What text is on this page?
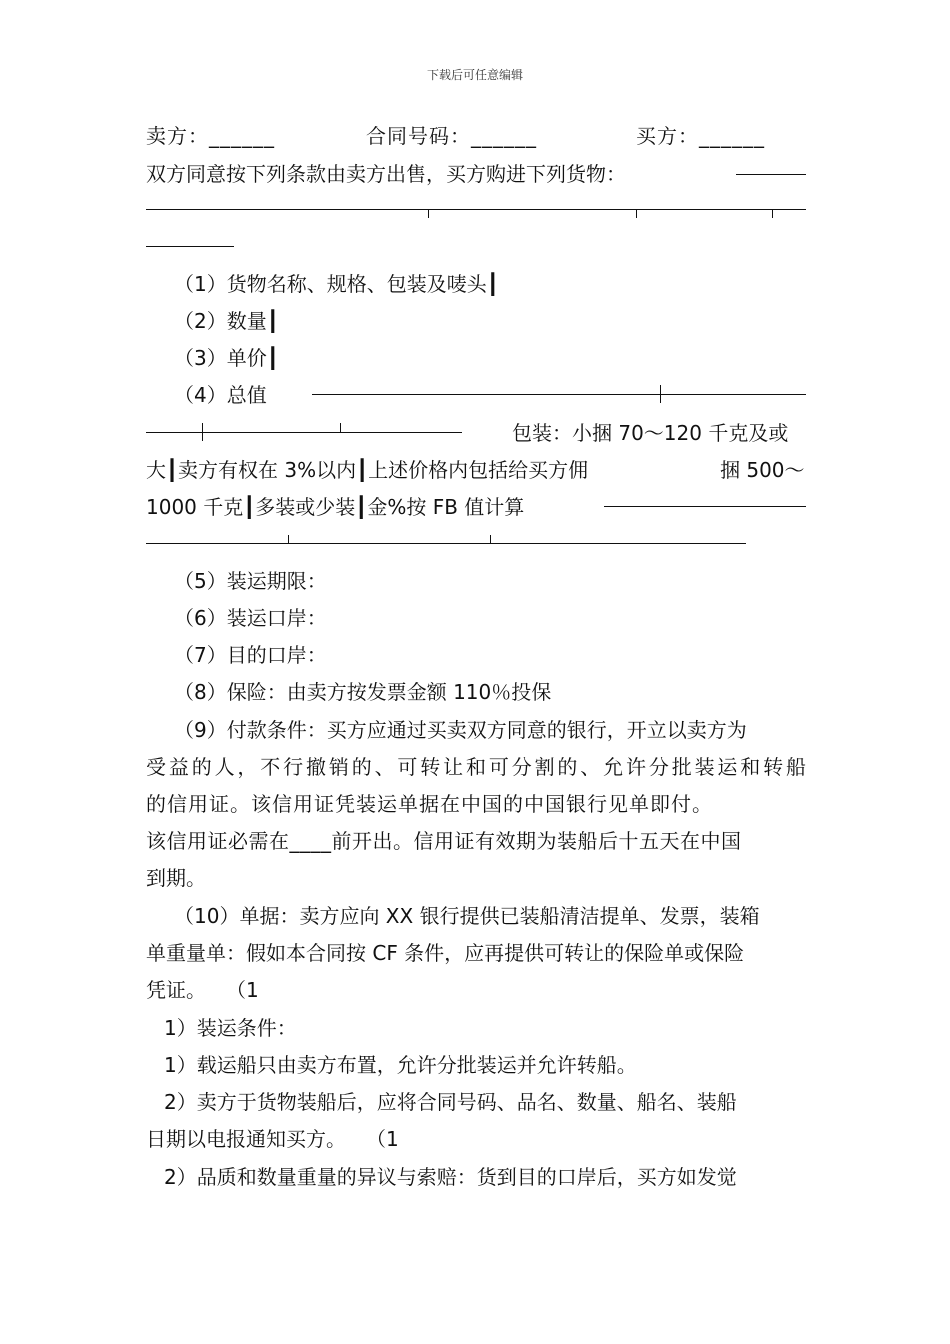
下载后可任意编辑
卖方：______	合同号码：______	买方：______
双方同意按下列条款由卖方出售，买方购进下列货物：
（1）货物名称、规格、包装及唛头┃
（2）数量┃
（3）单价┃
（4）总值
包装：小捆 70～120 千克及或
大┃卖方有权在 3%以内┃上述价格内包括给买方佣	捆 500～
1000 千克┃多装或少装┃金%按 FB 值计算
（5）装运期限：
（6）装运口岸：
（7）目的口岸：
（8）保险：由卖方按发票金额 110％投保
（9）付款条件：买方应通过买卖双方同意的银行，开立以卖方为
受益的人，不行撤销的、可转让和可分割的、允许分批装运和转船
的信用证。该信用证凭装运单据在中国的中国银行见单即付。
该信用证必需在____前开出。信用证有效期为装船后十五天在中国
到期。
（10）单据：卖方应向 XX 银行提供已装船清洁提单、发票，装箱
单重量单：假如本合同按 CF 条件，应再提供可转让的保险单或保险
凭证。　　（1
1）装运条件：
1）载运船只由卖方布置，允许分批装运并允许转船。
2）卖方于货物装船后，应将合同号码、品名、数量、船名、装船
日期以电报通知买方。　　（1
2）品质和数量重量的异议与索赔：货到目的口岸后，买方如发觉
